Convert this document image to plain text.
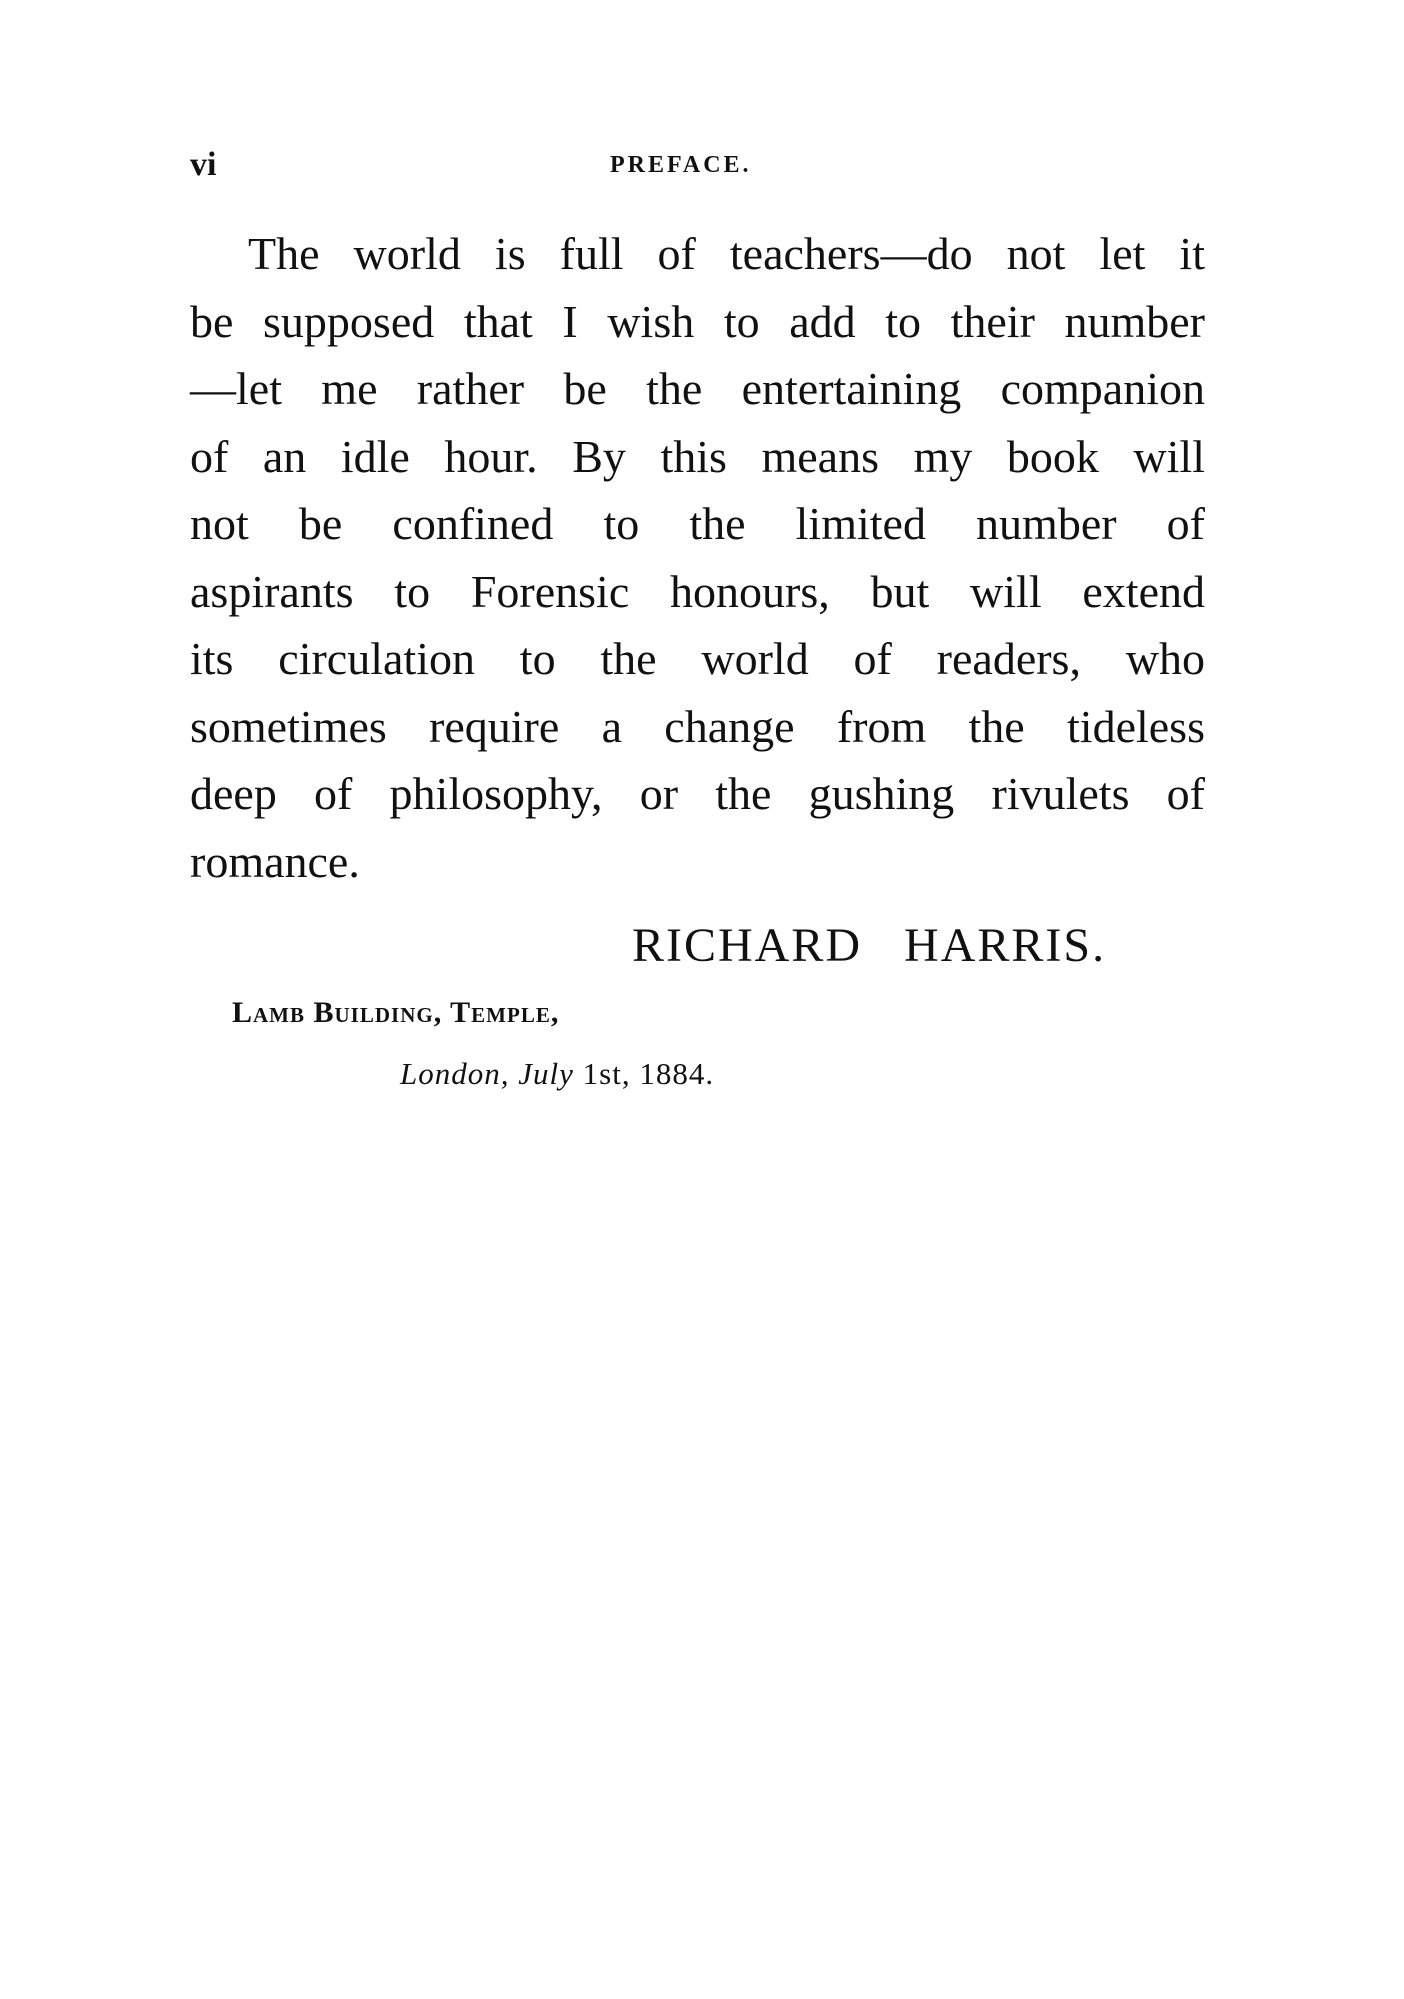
vi	PREFACE.
The world is full of teachers—do not let it
be supposed that I wish to add to their number
—let me rather be the entertaining companion
of an idle hour. By this means my book will
not be confined to the limited number of
aspirants to Forensic honours, but will extend
its circulation to the world of readers, who
sometimes require a change from the tideless
deep of philosophy, or the gushing rivulets of
romance.
RICHARD HARRIS.
Lamb Building, Temple,
London, July 1st, 1884.
